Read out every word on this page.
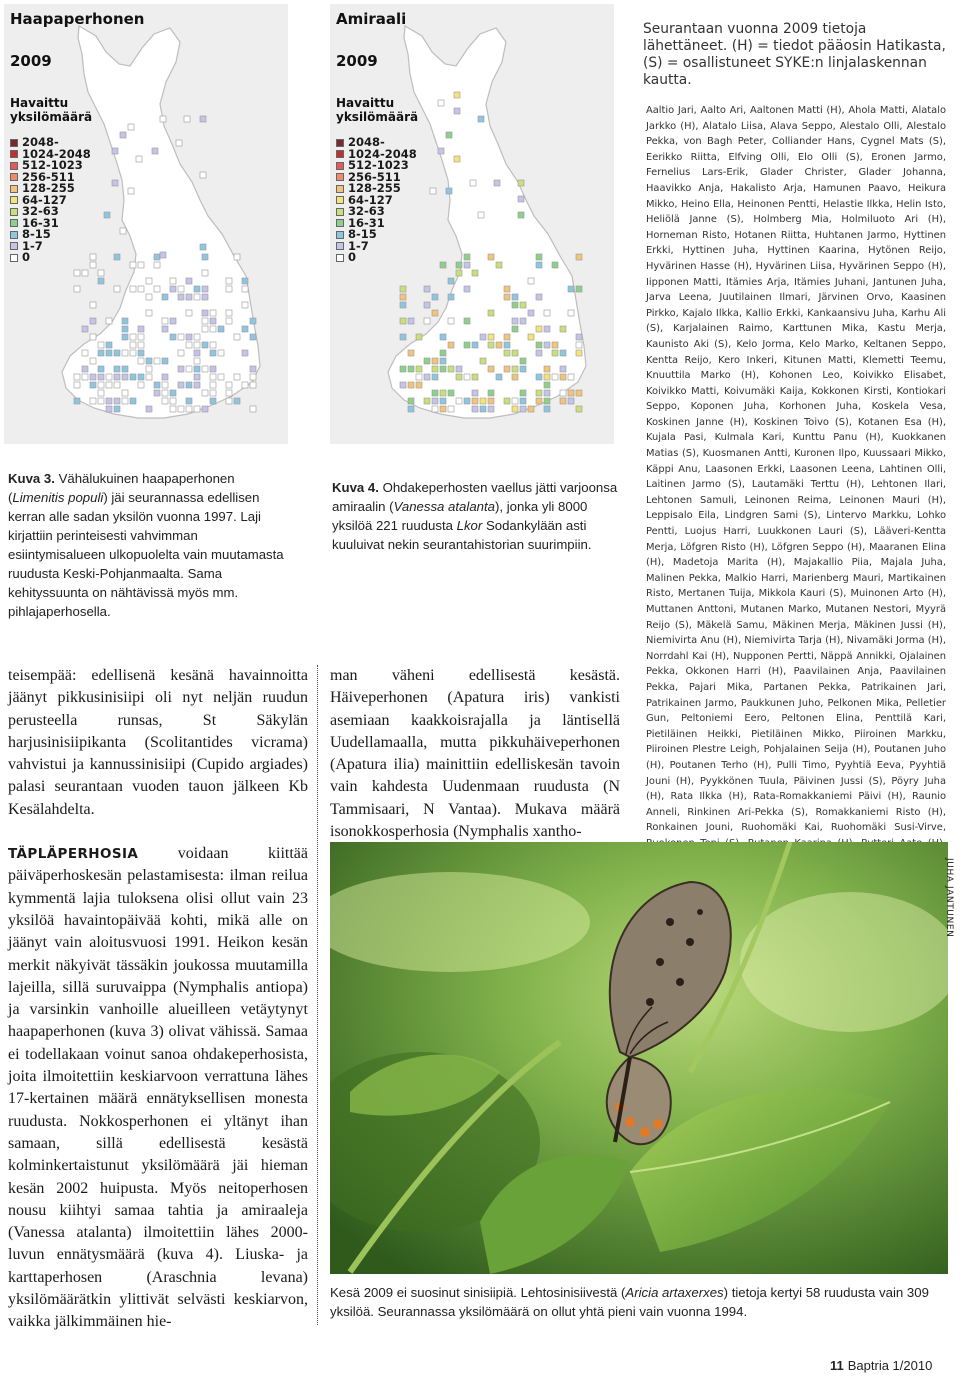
Haapaperhonen
2009
Havaittu yksilömäärä
2048-
1024-2048
512-1023
256-511
128-255
64-127
32-63
16-31
8-15
1-7
0
Amiraali
2009
Havaittu yksilömäärä
2048-
1024-2048
512-1023
256-511
128-255
64-127
32-63
16-31
8-15
1-7
0
Kuva 3. Vähälukuinen haapaperhonen (Limenitis populi) jäi seurannassa edellisen kerran alle sadan yksilön vuonna 1997. Laji kirjattiin perinteisesti vahvimman esiintymisalueen ulkopuolelta vain muutamasta ruudusta Keski-Pohjanmaalta. Sama kehityssuunta on nähtävissä myös mm. pihlajaperhosella.
Kuva 4. Ohdakeperhosten vaellus jätti varjoonsa amiraalin (Vanessa atalanta), jonka yli 8000 yksilöä 221 ruudusta Lkor Sodankylään asti kuuluivat nekin seurantahistorian suurimpiin.
teisempää: edellisenä kesänä havainnoitta jäänyt pikkusinisiipi oli nyt neljän ruudun perusteella runsas, St Säkylän harjusinisiipikanta (Scolitantides vicrama) vahvistui ja kannussinisiipi (Cupido argiades) palasi seurantaan vuoden tauon jälkeen Kb Kesälahdelta.
TÄPLÄPERHOSIA voidaan kiittää päiväperhoskesän pelastamisesta: ilman reilua kymmentä lajia tuloksena olisi ollut vain 23 yksilöä havaintopäivää kohti, mikä alle on jäänyt vain aloitusvuosi 1991. Heikon kesän merkit näkyivät tässäkin joukossa muutamilla lajeilla, sillä suruvaippa (Nymphalis antiopa) ja varsinkin vanhoille alueilleen vetäytynyt haapaperhonen (kuva 3) olivat vähissä. Samaa ei todellakaan voinut sanoa ohdakeperhosista, joita ilmoitettiin keskiarvoon verrattuna lähes 17-kertainen määrä ennätyksellisen monesta ruudusta. Nokkosperhonen ei yltänyt ihan samaan, sillä edellisestä kesästä kolminkertaistunut yksilömäärä jäi hieman kesän 2002 huipusta. Myös neitoperhosen nousu kiihtyi samaa tahtia ja amiraaleja (Vanessa atalanta) ilmoitettiin lähes 2000-luvun ennätysmäärä (kuva 4). Liuska- ja karttaperhosen (Araschnia levana) yksilömäärätkin ylittivät selvästi keskiarvon, vaikka jälkimmäinen hie-
man väheni edellisestä kesästä. Häiveperhonen (Apatura iris) vankisti asemiaan kaakkoisrajalla ja läntisellä Uudellamaalla, mutta pikkuhäiveperhonen (Apatura ilia) mainittiin edelliskesän tavoin vain kahdesta Uudenmaan ruudusta (N Tammisaari, N Vantaa). Mukava määrä isonokkosperhosia (Nymphalis xantho-
Seurantaan vuonna 2009 tietoja lähettäneet. (H) = tiedot pääosin Hatikasta, (S) = osallistuneet SYKE:n linjalaskennan kautta.
Aaltio Jari, Aalto Ari, Aaltonen Matti (H), Ahola Matti, Alatalo Jarkko (H), Alatalo Liisa, Alava Seppo, Alestalo Olli, Alestalo Pekka, von Bagh Peter, Colliander Hans, Cygnel Mats (S), Eerikko Riitta, Elfving Olli, Elo Olli (S), Eronen Jarmo, Fernelius Lars-Erik, Glader Christer, Glader Johanna, Haavikko Anja, Hakalisto Arja, Hamunen Paavo, Heikura Mikko, Heino Ella, Heinonen Pentti, Helastie Ilkka, Helin Isto, Heliölä Janne (S), Holmberg Mia, Holmiluoto Ari (H), Horneman Risto, Hotanen Riitta, Huhtanen Jarmo, Hyttinen Erkki, Hyttinen Juha, Hyttinen Kaarina, Hytönen Reijo, Hyvärinen Hasse (H), Hyvärinen Liisa, Hyvärinen Seppo (H), Iipponen Matti, Itämies Arja, Itämies Juhani, Jantunen Juha, Jarva Leena, Juutilainen Ilmari, Järvinen Orvo, Kaasinen Pirkko, Kajalo Ilkka, Kallio Erkki, Kankaansivu Juha, Karhu Ali (S), Karjalainen Raimo, Karttunen Mika, Kastu Merja, Kaunisto Aki (S), Kelo Jorma, Kelo Marko, Keltanen Seppo, Kentta Reijo, Kero Inkeri, Kitunen Matti, Klemetti Teemu, Knuuttila Marko (H), Kohonen Leo, Koivikko Elisabet, Koivikko Matti, Koivumäki Kaija, Kokkonen Kirsti, Kontiokari Seppo, Koponen Juha, Korhonen Juha, Koskela Vesa, Koskinen Janne (H), Koskinen Toivo (S), Kotanen Esa (H), Kujala Pasi, Kulmala Kari, Kunttu Panu (H), Kuokkanen Matias (S), Kuosmanen Antti, Kuronen Ilpo, Kuussaari Mikko, Käppi Anu, Laasonen Erkki, Laasonen Leena, Lahtinen Olli, Laitinen Jarmo (S), Lautamäki Terttu (H), Lehtonen Ilari, Lehtonen Samuli, Leinonen Reima, Leinonen Mauri (H), Leppisalo Eila, Lindgren Sami (S), Lintervo Markku, Lohko Pentti, Luojus Harri, Luukkonen Lauri (S), Lääveri-Kentta Merja, Löfgren Risto (H), Löfgren Seppo (H), Maaranen Elina (H), Madetoja Marita (H), Majakallio Piia, Majala Juha, Malinen Pekka, Malkio Harri, Marienberg Mauri, Martikainen Risto, Mertanen Tuija, Mikkola Kauri (S), Muinonen Arto (H), Muttanen Anttoni, Mutanen Marko, Mutanen Nestori, Myyrä Reijo (S), Mäkelä Samu, Mäkinen Merja, Mäkinen Jussi (H), Niemivirta Anu (H), Niemivirta Tarja (H), Nivamäki Jorma (H), Norrdahl Kai (H), Nupponen Pertti, Näppä Annikki, Ojalainen Pekka, Okkonen Harri (H), Paavilainen Anja, Paavilainen Pekka, Pajari Mika, Partanen Pekka, Patrikainen Jari, Patrikainen Jarmo, Paukkunen Juho, Pelkonen Mika, Pelletier Gun, Peltoniemi Eero, Peltonen Elina, Penttilä Kari, Pietiläinen Heikki, Pietiläinen Mikko, Piiroinen Markku, Piiroinen Plestre Leigh, Pohjalainen Seija (H), Poutanen Juho (H), Poutanen Terho (H), Pulli Timo, Pyyhtiä Eeva, Pyyhtiä Jouni (H), Pyykkönen Tuula, Päivinen Jussi (S), Pöyry Juha (H), Rata Ilkka (H), Rata-Romakkaniemi Päivi (H), Raunio Anneli, Rinkinen Ari-Pekka (S), Romakkaniemi Risto (H), Ronkainen Jouni, Ruohomäki Kai, Ruohomäki Susi-Virve,
JUHA JANTUNEN
Kesä 2009 ei suosinut sinisiipiä. Lehtosinisiivestä (Aricia artaxerxes) tietoja kertyi 58 ruudusta vain 309 yksilöä. Seurannassa yksilömäärä on ollut yhtä pieni vain vuonna 1994.
11 Baptria 1/2010
